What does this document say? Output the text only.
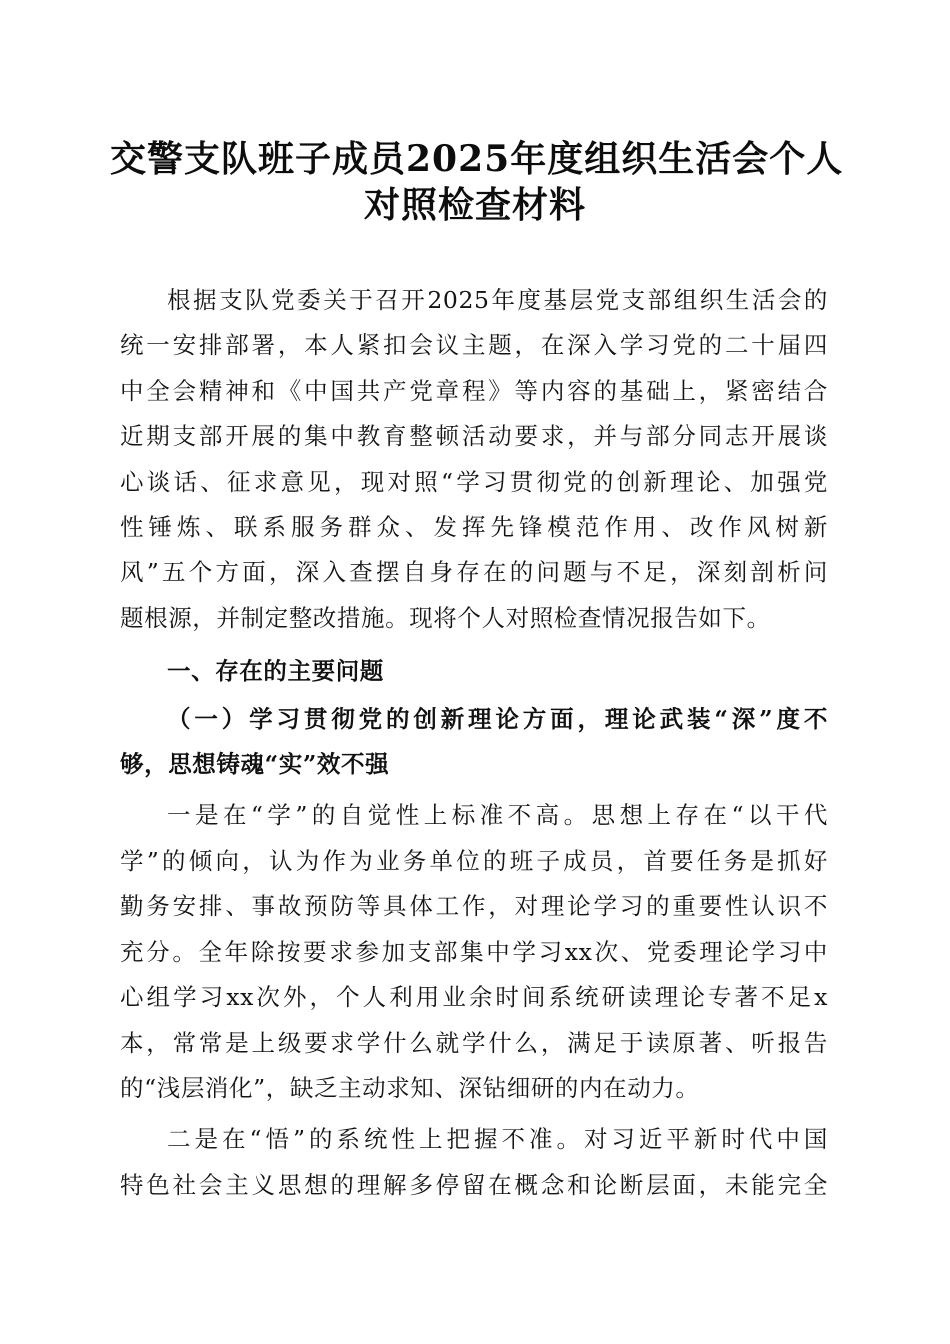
交警支队班子成员2025年度组织生活会个人
对照检查材料
根据支队党委关于召开2025年度基层党支部组织生活会的
统一安排部署，本人紧扣会议主题，在深入学习党的二十届四
中全会精神和《中国共产党章程》等内容的基础上，紧密结合
近期支部开展的集中教育整顿活动要求，并与部分同志开展谈
心谈话、征求意见，现对照“学习贯彻党的创新理论、加强党
性锤炼、联系服务群众、发挥先锋模范作用、改作风树新
风”五个方面，深入查摆自身存在的问题与不足，深刻剖析问
题根源，并制定整改措施。现将个人对照检查情况报告如下。
一、存在的主要问题
（一）学习贯彻党的创新理论方面，理论武装“深”度不
够，思想铸魂“实”效不强
一是在“学”的自觉性上标准不高。思想上存在“以干代
学”的倾向，认为作为业务单位的班子成员，首要任务是抓好
勤务安排、事故预防等具体工作，对理论学习的重要性认识不
充分。全年除按要求参加支部集中学习xx次、党委理论学习中
心组学习xx次外，个人利用业余时间系统研读理论专著不足x
本，常常是上级要求学什么就学什么，满足于读原著、听报告
的“浅层消化”，缺乏主动求知、深钻细研的内在动力。
二是在“悟”的系统性上把握不准。对习近平新时代中国
特色社会主义思想的理解多停留在概念和论断层面，未能完全
